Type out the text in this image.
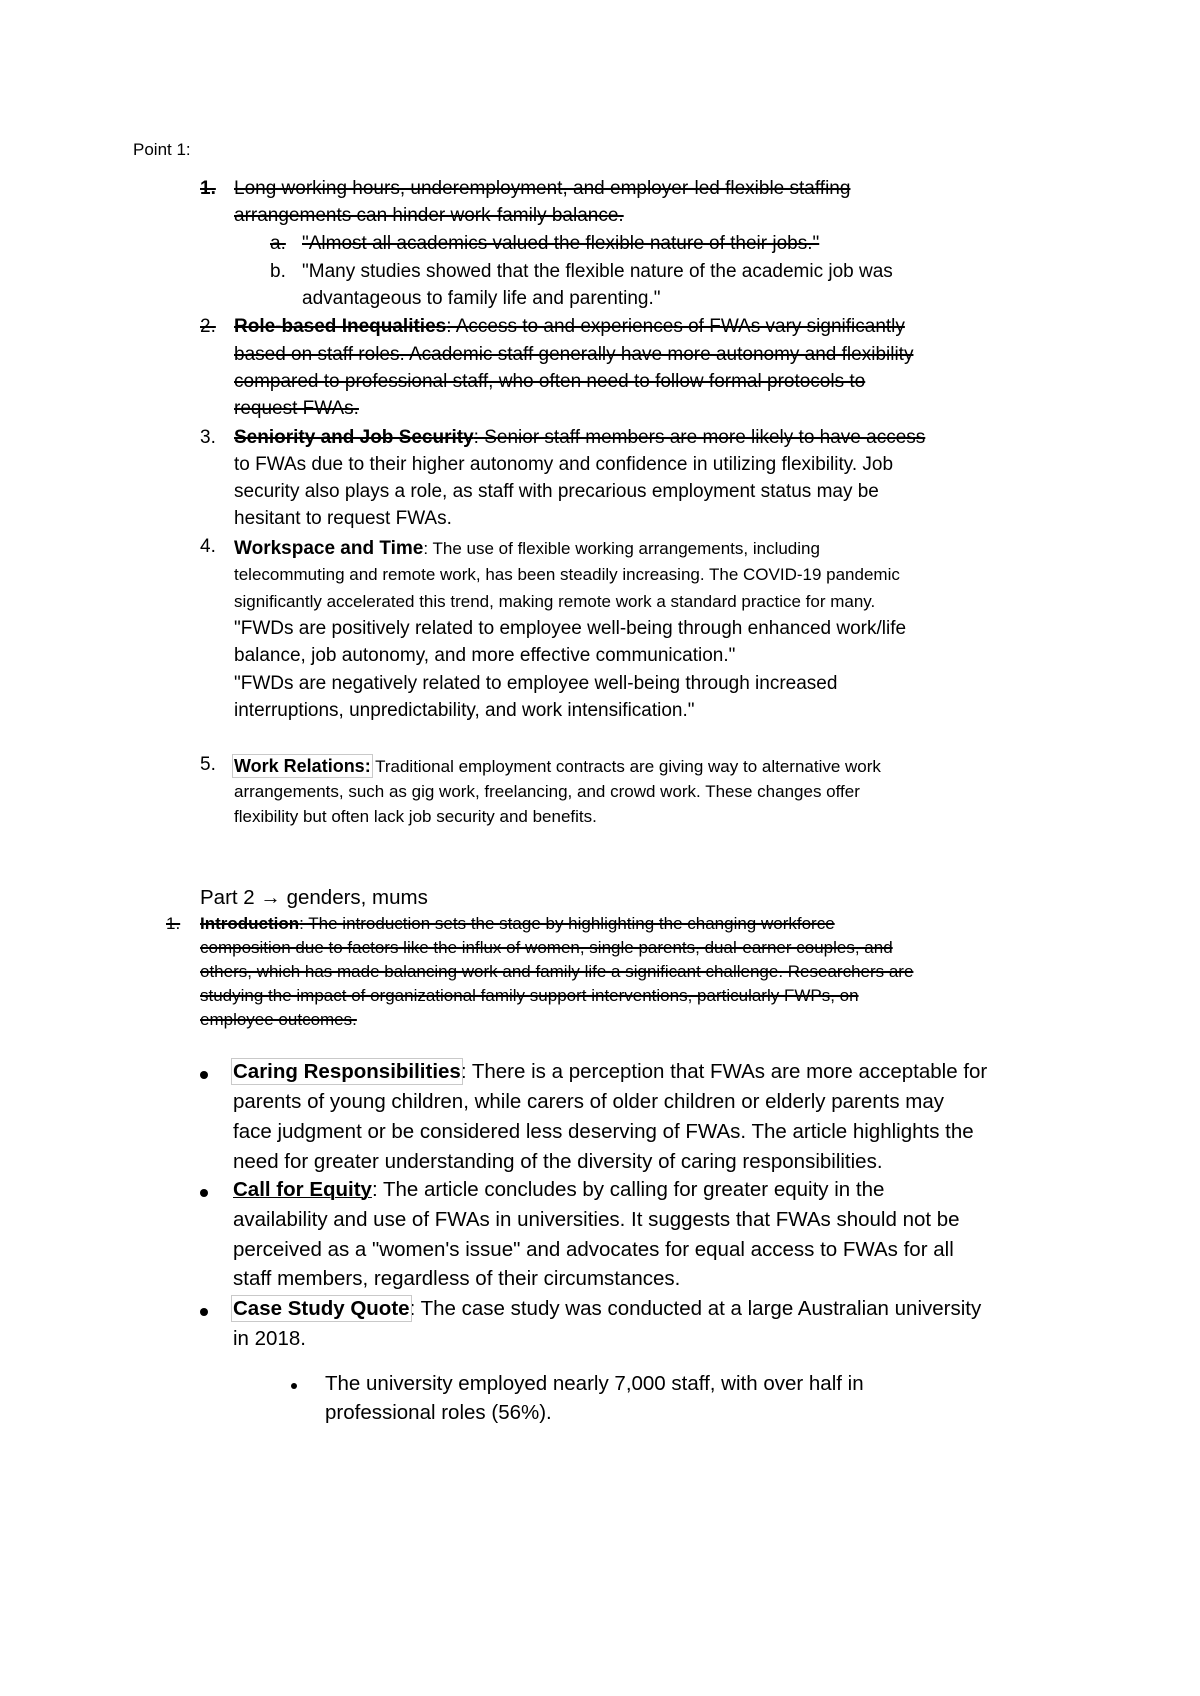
Point 1:
1. Long working hours, underemployment, and employer-led flexible staffing
arrangements can hinder work-family balance.
a. "Almost all academics valued the flexible nature of their jobs."
b. "Many studies showed that the flexible nature of the academic job was
advantageous to family life and parenting."
2. Role-based Inequalities: Access to and experiences of FWAs vary significantly
based on staff roles. Academic staff generally have more autonomy and flexibility
compared to professional staff, who often need to follow formal protocols to
request FWAs.
3. Seniority and Job Security: Senior staff members are more likely to have access
to FWAs due to their higher autonomy and confidence in utilizing flexibility. Job
security also plays a role, as staff with precarious employment status may be
hesitant to request FWAs.
4. Workspace and Time: The use of flexible working arrangements, including
telecommuting and remote work, has been steadily increasing. The COVID-19 pandemic
significantly accelerated this trend, making remote work a standard practice for many.
"FWDs are positively related to employee well-being through enhanced work/life
balance, job autonomy, and more effective communication."
"FWDs are negatively related to employee well-being through increased
interruptions, unpredictability, and work intensification."
5. Work Relations: Traditional employment contracts are giving way to alternative work
arrangements, such as gig work, freelancing, and crowd work. These changes offer
flexibility but often lack job security and benefits.
Part 2 → genders, mums
1. Introduction: The introduction sets the stage by highlighting the changing workforce
composition due to factors like the influx of women, single parents, dual-earner couples, and
others, which has made balancing work and family life a significant challenge. Researchers are
studying the impact of organizational family support interventions, particularly FWPs, on
employee outcomes.
Caring Responsibilities: There is a perception that FWAs are more acceptable for
parents of young children, while carers of older children or elderly parents may
face judgment or be considered less deserving of FWAs. The article highlights the
need for greater understanding of the diversity of caring responsibilities.
Call for Equity: The article concludes by calling for greater equity in the
availability and use of FWAs in universities. It suggests that FWAs should not be
perceived as a "women's issue" and advocates for equal access to FWAs for all
staff members, regardless of their circumstances.
Case Study Quote: The case study was conducted at a large Australian university
in 2018.
The university employed nearly 7,000 staff, with over half in
professional roles (56%).
